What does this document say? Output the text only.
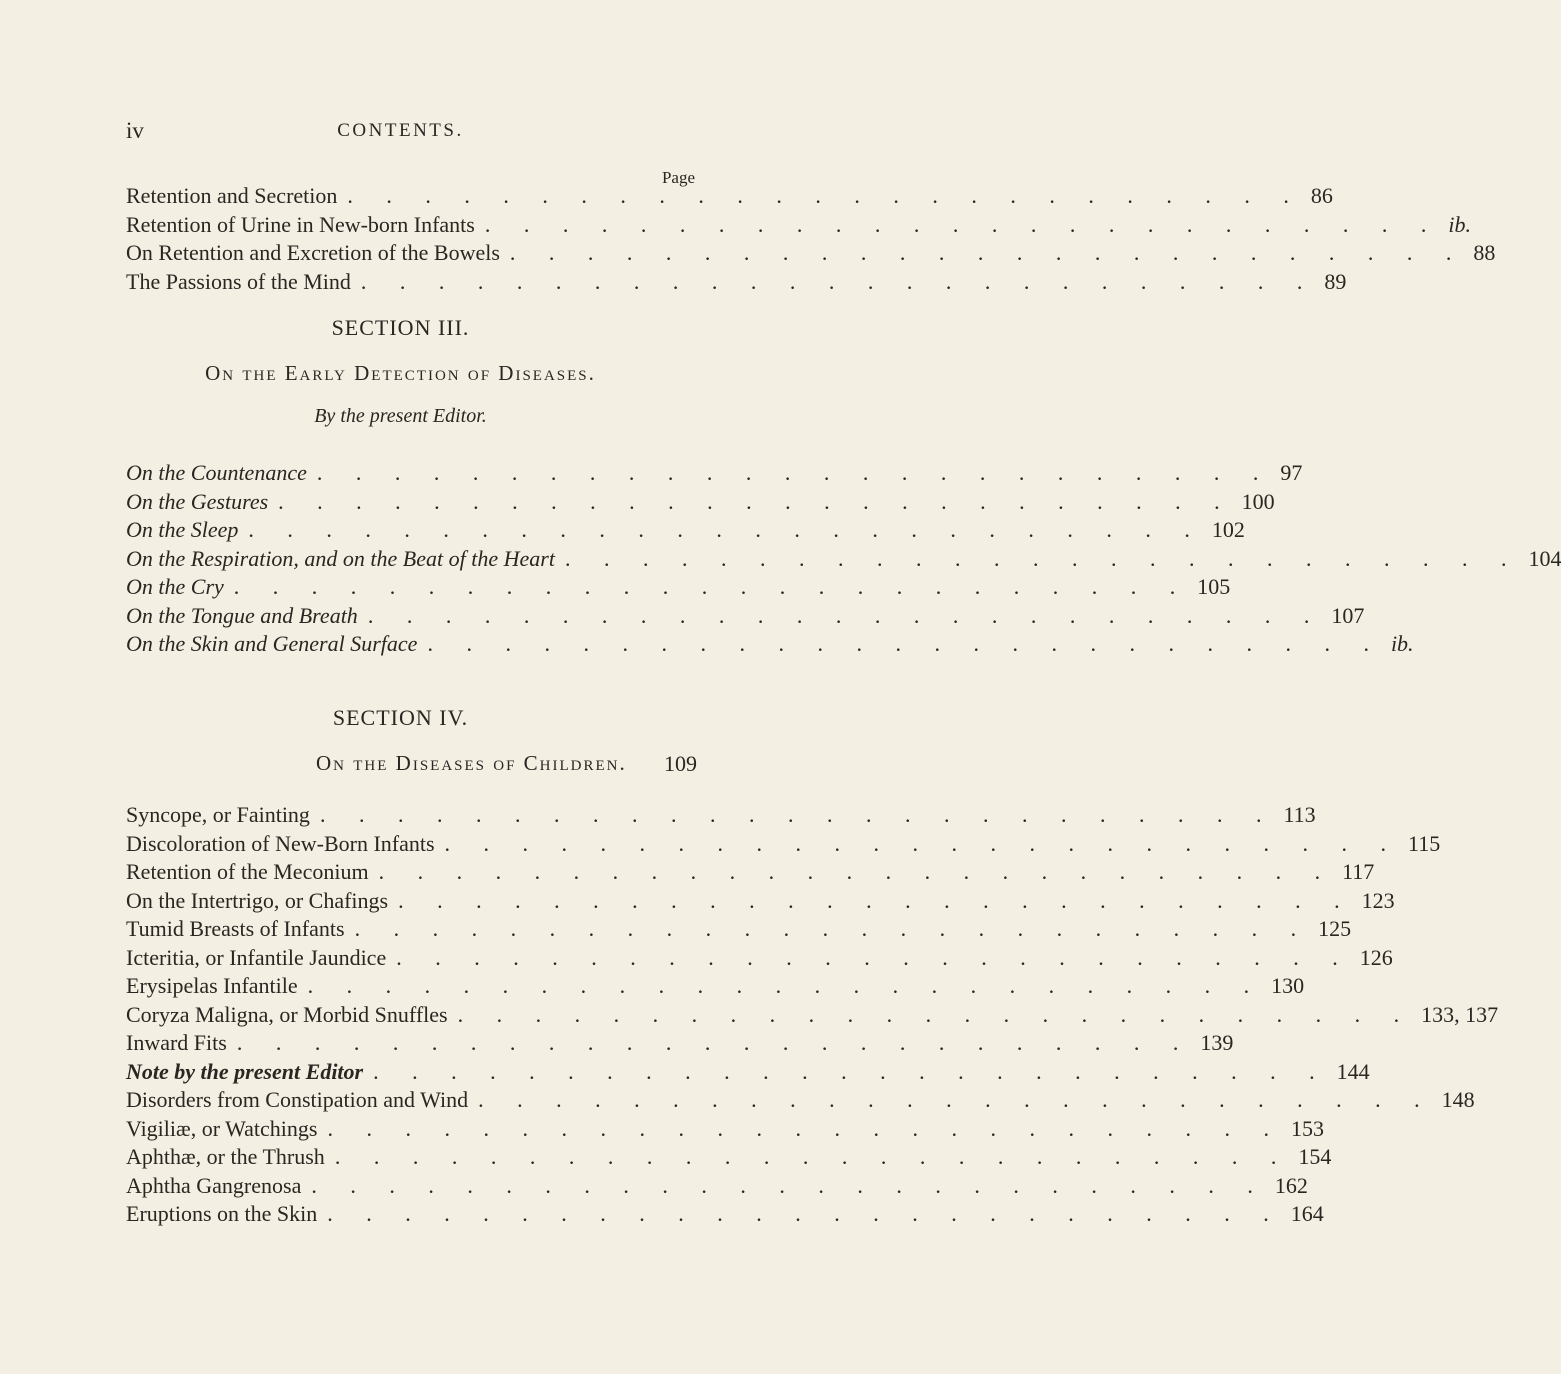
iv	CONTENTS.
Page
Retention and Secretion . . . . . . . . . . . . . . . . . . . . . . . . . 86
Retention of Urine in New-born Infants . . . . . . . . . . . . . . . . . . . . . . . . . ib.
On Retention and Excretion of the Bowels . . . . . . . . . . . . . . . . . . . . . . . . . 88
The Passions of the Mind . . . . . . . . . . . . . . . . . . . . . . . . . 89
SECTION III.
On the Early Detection of Diseases.
By the present Editor.
On the Countenance . . . . . . . . . . . . . . . . . . . . . . . . . 97
On the Gestures . . . . . . . . . . . . . . . . . . . . . . . . . 100
On the Sleep . . . . . . . . . . . . . . . . . . . . . . . . . 102
On the Respiration, and on the Beat of the Heart . . . . . . . . . . . . . . . . . . . . . . . . . 104
On the Cry . . . . . . . . . . . . . . . . . . . . . . . . . 105
On the Tongue and Breath . . . . . . . . . . . . . . . . . . . . . . . . . 107
On the Skin and General Surface . . . . . . . . . . . . . . . . . . . . . . . . . ib.
SECTION IV.
On the Diseases of Children. 109
Syncope, or Fainting . . . . . . . . . . . . . . . . . . . . . . . . . 113
Discoloration of New-Born Infants . . . . . . . . . . . . . . . . . . . . . . . . . 115
Retention of the Meconium . . . . . . . . . . . . . . . . . . . . . . . . . 117
On the Intertrigo, or Chafings . . . . . . . . . . . . . . . . . . . . . . . . . 123
Tumid Breasts of Infants . . . . . . . . . . . . . . . . . . . . . . . . . 125
Icteritia, or Infantile Jaundice . . . . . . . . . . . . . . . . . . . . . . . . . 126
Erysipelas Infantile . . . . . . . . . . . . . . . . . . . . . . . . . 130
Coryza Maligna, or Morbid Snuffles . . . . . . . . . . . . . . . . . . . . . . . . . 133, 137
Inward Fits . . . . . . . . . . . . . . . . . . . . . . . . . 139
Note by the present Editor . . . . . . . . . . . . . . . . . . . . . . . . . 144
Disorders from Constipation and Wind . . . . . . . . . . . . . . . . . . . . . . . . . 148
Vigiliæ, or Watchings . . . . . . . . . . . . . . . . . . . . . . . . . 153
Aphthæ, or the Thrush . . . . . . . . . . . . . . . . . . . . . . . . . 154
Aphtha Gangrenosa . . . . . . . . . . . . . . . . . . . . . . . . . 162
Eruptions on the Skin . . . . . . . . . . . . . . . . . . . . . . . . . 164
